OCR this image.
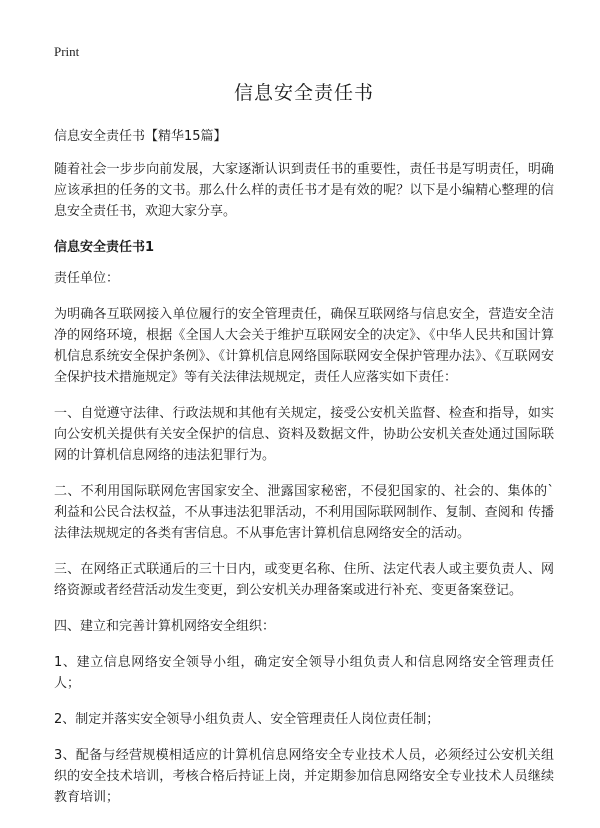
Print
信息安全责任书
信息安全责任书【精华15篇】

随着社会一步步向前发展，大家逐渐认识到责任书的重要性，责任书是写明责任，明确应该承担的任务的文书。那么什么样的责任书才是有效的呢？以下是小编精心整理的信息安全责任书，欢迎大家分享。

信息安全责任书1

责任单位：

为明确各互联网接入单位履行的安全管理责任，确保互联网络与信息安全，营造安全洁净的网络环境，根据《全国人大会关于维护互联网安全的决定》、《中华人民共和国计算机信息系统安全保护条例》、《计算机信息网络国际联网安全保护管理办法》、《互联网安全保护技术措施规定》等有关法律法规规定，责任人应落实如下责任：

一、自觉遵守法律、行政法规和其他有关规定，接受公安机关监督、检查和指导，如实向公安机关提供有关安全保护的信息、资料及数据文件，协助公安机关查处通过国际联网的计算机信息网络的违法犯罪行为。

二、不利用国际联网危害国家安全、泄露国家秘密，不侵犯国家的、社会的、集体的`利益和公民合法权益，不从事违法犯罪活动，不利用国际联网制作、复制、查阅和 传播法律法规规定的各类有害信息。不从事危害计算机信息网络安全的活动。

三、在网络正式联通后的三十日内，或变更名称、住所、法定代表人或主要负责人、网络资源或者经营活动发生变更，到公安机关办理备案或进行补充、变更备案登记。

四、建立和完善计算机网络安全组织：

1、建立信息网络安全领导小组，确定安全领导小组负责人和信息网络安全管理责任人；

2、制定并落实安全领导小组负责人、安全管理责任人岗位责任制；

3、配备与经营规模相适应的计算机信息网络安全专业技术人员，必须经过公安机关组织的安全技术培训，考核合格后持证上岗，并定期参加信息网络安全专业技术人员继续教育培训；
